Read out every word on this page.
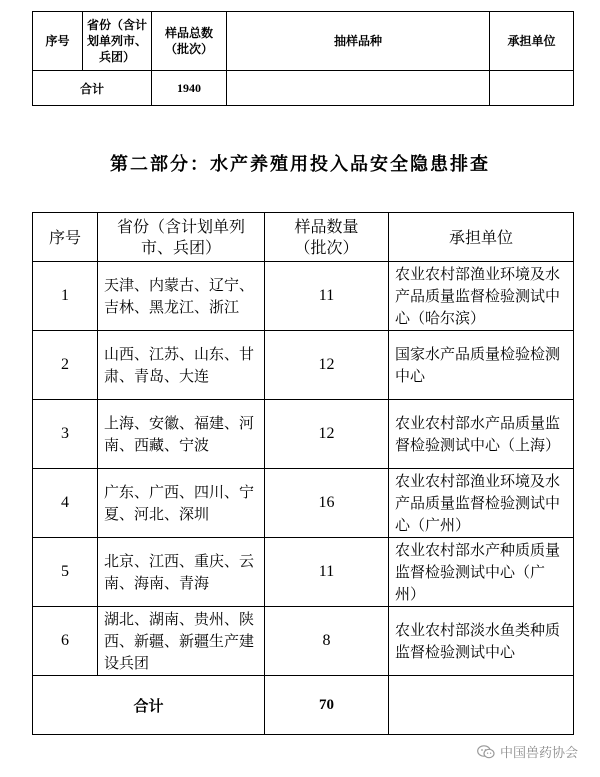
序号	省份（含计划单列市、兵团）	样品总数（批次）	抽样品种	承担单位
合计		1940		
第二部分：水产养殖用投入品安全隐患排查
序号	省份（含计划单列市、兵团）	样品数量（批次）	承担单位
1	天津、内蒙古、辽宁、吉林、黑龙江、浙江	11	农业农村部渔业环境及水产品质量监督检验测试中心（哈尔滨）
2	山西、江苏、山东、甘肃、青岛、大连	12	国家水产品质量检验检测中心
3	上海、安徽、福建、河南、西藏、宁波	12	农业农村部水产品质量监督检验测试中心（上海）
4	广东、广西、四川、宁夏、河北、深圳	16	农业农村部渔业环境及水产品质量监督检验测试中心（广州）
5	北京、江西、重庆、云南、海南、青海	11	农业农村部水产种质质量监督检验测试中心（广州）
6	湖北、湖南、贵州、陕西、新疆、新疆生产建设兵团	8	农业农村部淡水鱼类种质监督检验测试中心
合计		70	
中国兽药协会
